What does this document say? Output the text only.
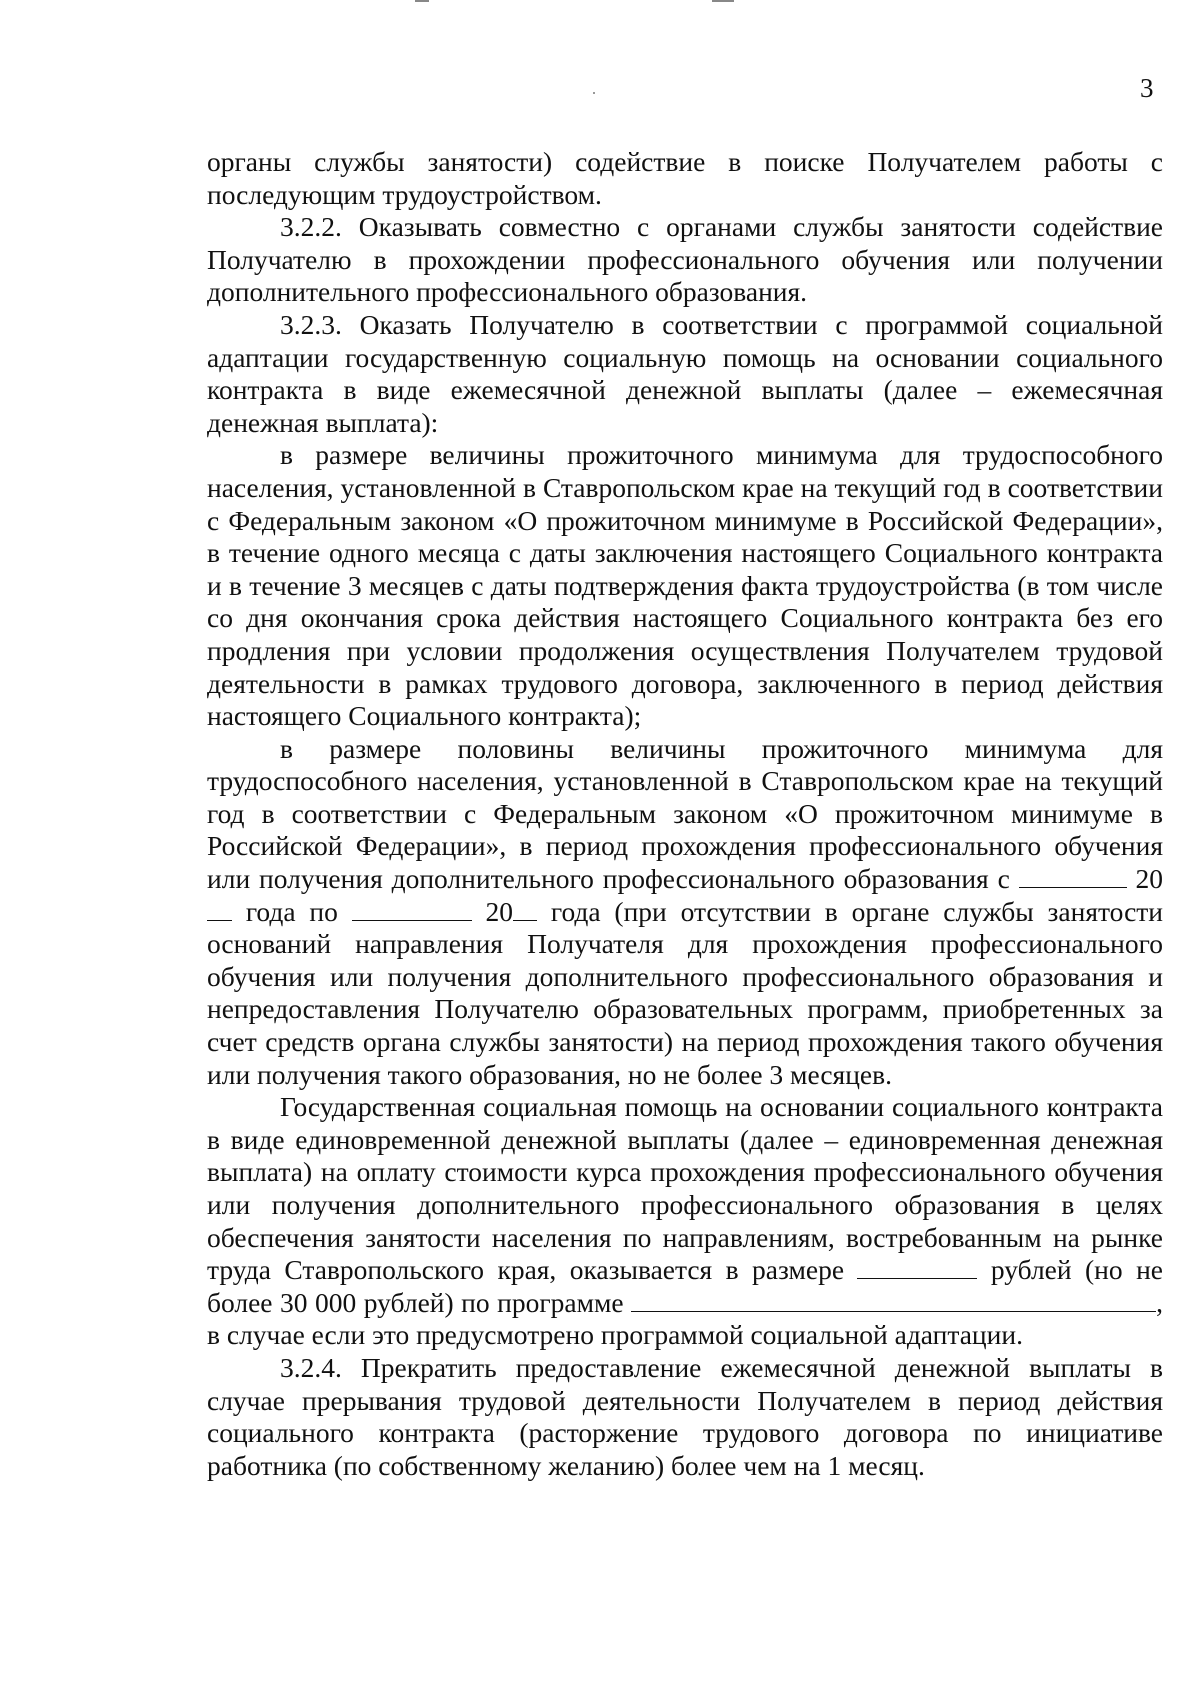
3

органы службы занятости) содействие в поиске Получателем работы с последующим трудоустройством.

3.2.2. Оказывать совместно с органами службы занятости содействие Получателю в прохождении профессионального обучения или получении дополнительного профессионального образования.

3.2.3. Оказать Получателю в соответствии с программой социальной адаптации государственную социальную помощь на основании социального контракта в виде ежемесячной денежной выплаты (далее – ежемесячная денежная выплата):

в размере величины прожиточного минимума для трудоспособного населения, установленной в Ставропольском крае на текущий год в соответствии с Федеральным законом «О прожиточном минимуме в Российской Федерации», в течение одного месяца с даты заключения настоящего Социального контракта и в течение 3 месяцев с даты подтверждения факта трудоустройства (в том числе со дня окончания срока действия настоящего Социального контракта без его продления при условии продолжения осуществления Получателем трудовой деятельности в рамках трудового договора, заключенного в период действия настоящего Социального контракта);

в размере половины величины прожиточного минимума для трудоспособного населения, установленной в Ставропольском крае на текущий год в соответствии с Федеральным законом «О прожиточном минимуме в Российской Федерации», в период прохождения профессионального обучения или получения дополнительного профессионального образования с	20 года по	20 года (при отсутствии в органе службы занятости оснований направления Получателя для прохождения профессионального обучения или получения дополнительного профессионального образования и непредоставления Получателю образовательных программ, приобретенных за счет средств органа службы занятости) на период прохождения такого обучения или получения такого образования, но не более 3 месяцев.

Государственная социальная помощь на основании социального контракта в виде единовременной денежной выплаты (далее – единовременная денежная выплата) на оплату стоимости курса прохождения профессионального обучения или получения дополнительного профессионального образования в целях обеспечения занятости населения по направлениям, востребованным на рынке труда Ставропольского края, оказывается в размере	рублей (но не более 30 000 рублей) по программе	, в случае если это предусмотрено программой социальной адаптации.

3.2.4. Прекратить предоставление ежемесячной денежной выплаты в случае прерывания трудовой деятельности Получателем в период действия социального контракта (расторжение трудового договора по инициативе работника (по собственному желанию) более чем на 1 месяц.
